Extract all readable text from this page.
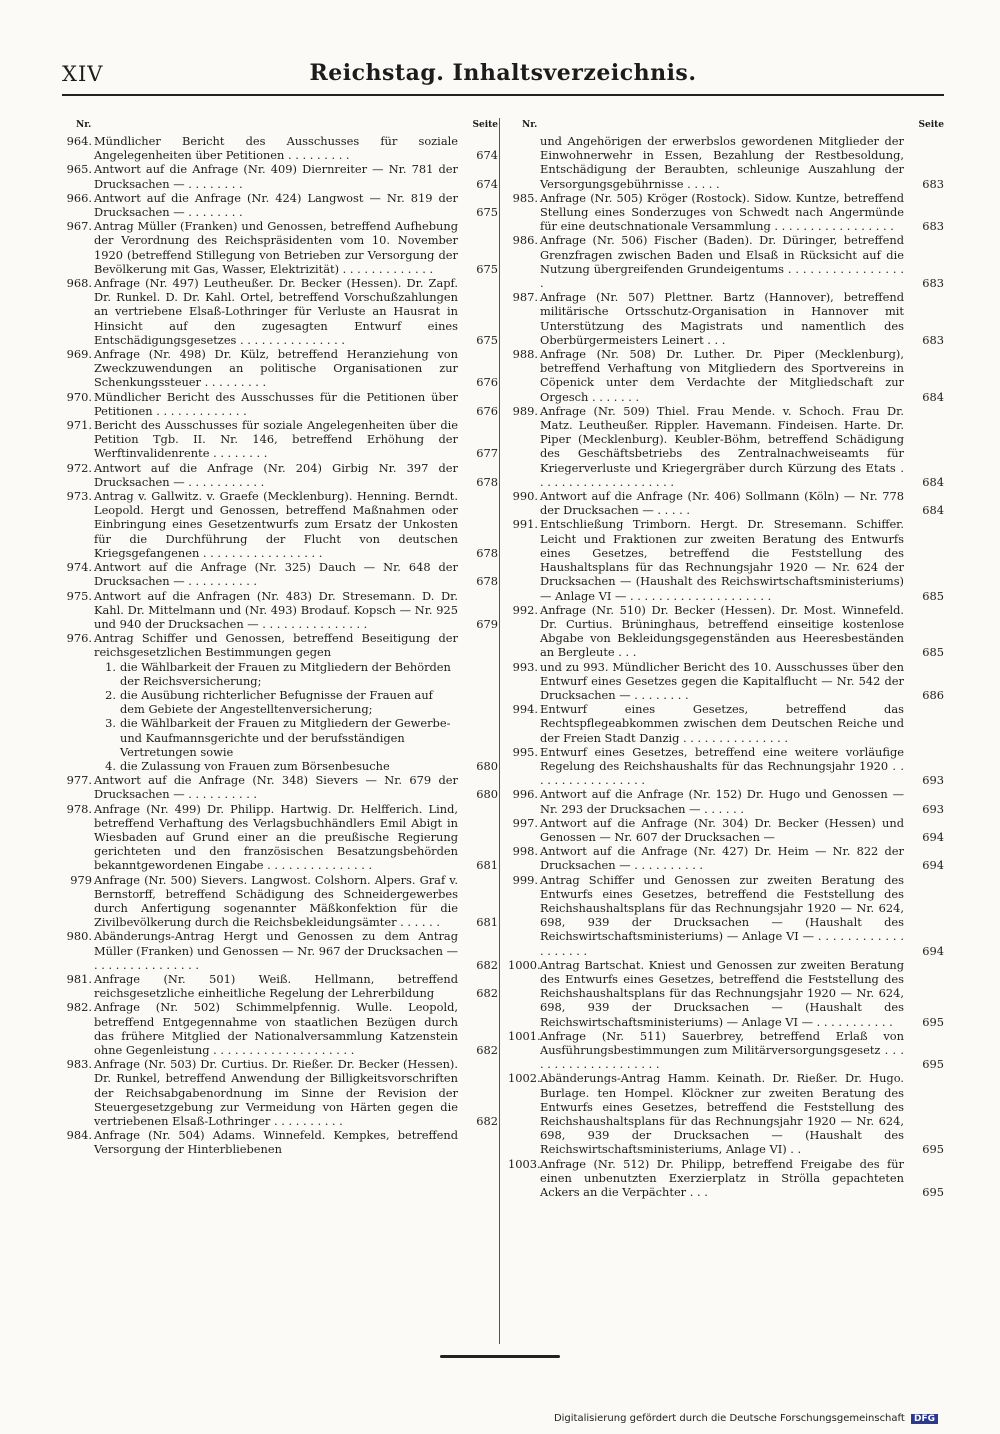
XIV	Reichstag. Inhaltsverzeichnis.
Nr.	Seite
964. Mündlicher Bericht des Ausschusses für soziale Angelegenheiten über Petitionen . . . . . . . . .	674
965. Antwort auf die Anfrage (Nr. 409) Diernreiter — Nr. 781 der Drucksachen — . . . . . . . .	674
966. Antwort auf die Anfrage (Nr. 424) Langwost — Nr. 819 der Drucksachen — . . . . . . . .	675
967. Antrag Müller (Franken) und Genossen, betreffend Aufhebung der Verordnung des Reichspräsidenten vom 10. November 1920 (betreffend Stillegung von Betrieben zur Versorgung der Bevölkerung mit Gas, Wasser, Elektrizität) . . . . . . . . . . . . .	675
968. Anfrage (Nr. 497) Leutheußer. Dr. Becker (Hessen). Dr. Zapf. Dr. Runkel. D. Dr. Kahl. Ortel, betreffend Vorschußzahlungen an vertriebene Elsaß-Lothringer für Verluste an Hausrat in Hinsicht auf den zugesagten Entwurf eines Entschädigungsgesetzes . . . . . . . . . . . . . . .	675
969. Anfrage (Nr. 498) Dr. Külz, betreffend Heranziehung von Zweckzuwendungen an politische Organisationen zur Schenkungssteuer . . . . . . . . .	676
970. Mündlicher Bericht des Ausschusses für die Petitionen über Petitionen . . . . . . . . . . . . .	676
971. Bericht des Ausschusses für soziale Angelegenheiten über die Petition Tgb. II. Nr. 146, betreffend Erhöhung der Werftinvalidenrente . . . . . . . .	677
972. Antwort auf die Anfrage (Nr. 204) Girbig Nr. 397 der Drucksachen — . . . . . . . . . . .	678
973. Antrag v. Gallwitz. v. Graefe (Mecklenburg). Henning. Berndt. Leopold. Hergt und Genossen, betreffend Maßnahmen oder Einbringung eines Gesetzentwurfs zum Ersatz der Unkosten für die Durchführung der Flucht von deutschen Kriegsgefangenen . . . . . . . . . . . . . . . . .	678
974. Antwort auf die Anfrage (Nr. 325) Dauch — Nr. 648 der Drucksachen — . . . . . . . . . .	678
975. Antwort auf die Anfragen (Nr. 483) Dr. Stresemann. D. Dr. Kahl. Dr. Mittelmann und (Nr. 493) Brodauf. Kopsch — Nr. 925 und 940 der Drucksachen — . . . . . . . . . . . . . . .	679
976. Antrag Schiffer und Genossen, betreffend Beseitigung der reichsgesetzlichen Bestimmungen gegen
1. die Wählbarkeit der Frauen zu Mitgliedern der Behörden der Reichsversicherung;
2. die Ausübung richterlicher Befugnisse der Frauen auf dem Gebiete der Angestelltenversicherung;
3. die Wählbarkeit der Frauen zu Mitgliedern der Gewerbe- und Kaufmannsgerichte und der berufsständigen Vertretungen sowie
4. die Zulassung von Frauen zum Börsenbesuche	680
977. Antwort auf die Anfrage (Nr. 348) Sievers — Nr. 679 der Drucksachen — . . . . . . . . . .	680
978. Anfrage (Nr. 499) Dr. Philipp. Hartwig. Dr. Helfferich. Lind, betreffend Verhaftung des Verlagsbuchhändlers Emil Abigt in Wiesbaden auf Grund einer an die preußische Regierung gerichteten und den französischen Besatzungsbehörden bekanntgewordenen Eingabe . . . . . . . . . . . . . . .	681
979 Anfrage (Nr. 500) Sievers. Langwost. Colshorn. Alpers. Graf v. Bernstorff, betreffend Schädigung des Schneidergewerbes durch Anfertigung sogenannter Mäßkonfektion für die Zivilbevölkerung durch die Reichsbekleidungsämter . . . . . .	681
980. Abänderungs-Antrag Hergt und Genossen zu dem Antrag Müller (Franken) und Genossen — Nr. 967 der Drucksachen — . . . . . . . . . . . . . . .	682
981. Anfrage (Nr. 501) Weiß. Hellmann, betreffend reichsgesetzliche einheitliche Regelung der Lehrerbildung	682
982. Anfrage (Nr. 502) Schimmelpfennig. Wulle. Leopold, betreffend Entgegennahme von staatlichen Bezügen durch das frühere Mitglied der Nationalversammlung Katzenstein ohne Gegenleistung . . . . . . . . . . . . . . . . . . . .	682
983. Anfrage (Nr. 503) Dr. Curtius. Dr. Rießer. Dr. Becker (Hessen). Dr. Runkel, betreffend Anwendung der Billigkeitsvorschriften der Reichsabgabenordnung im Sinne der Revision der Steuergesetzgebung zur Vermeidung von Härten gegen die vertriebenen Elsaß-Lothringer . . . . . . . . . .	682
984. Anfrage (Nr. 504) Adams. Winnefeld. Kempkes, betreffend Versorgung der Hinterbliebenen
Nr.	Seite
und Angehörigen der erwerbslos gewordenen Mitglieder der Einwohnerwehr in Essen, Bezahlung der Restbesoldung, Entschädigung der Beraubten, schleunige Auszahlung der Versorgungsgebührnisse . . . . .	683
985. Anfrage (Nr. 505) Kröger (Rostock). Sidow. Kuntze, betreffend Stellung eines Sonderzuges von Schwedt nach Angermünde für eine deutschnationale Versammlung . . . . . . . . . . . . . . . . .	683
986. Anfrage (Nr. 506) Fischer (Baden). Dr. Düringer, betreffend Grenzfragen zwischen Baden und Elsaß in Rücksicht auf die Nutzung übergreifenden Grundeigentums . . . . . . . . . . . . . . . . .	683
987. Anfrage (Nr. 507) Plettner. Bartz (Hannover), betreffend militärische Ortsschutz-Organisation in Hannover mit Unterstützung des Magistrats und namentlich des Oberbürgermeisters Leinert . . .	683
988. Anfrage (Nr. 508) Dr. Luther. Dr. Piper (Mecklenburg), betreffend Verhaftung von Mitgliedern des Sportvereins in Cöpenick unter dem Verdachte der Mitgliedschaft zur Orgesch . . . . . . .	684
989. Anfrage (Nr. 509) Thiel. Frau Mende. v. Schoch. Frau Dr. Matz. Leutheußer. Rippler. Havemann. Findeisen. Harte. Dr. Piper (Mecklenburg). Keubler-Böhm, betreffend Schädigung des Geschäftsbetriebs des Zentralnachweiseamts für Kriegerverluste und Kriegergräber durch Kürzung des Etats . . . . . . . . . . . . . . . . . . . .	684
990. Antwort auf die Anfrage (Nr. 406) Sollmann (Köln) — Nr. 778 der Drucksachen — . . . . .	684
991. Entschließung Trimborn. Hergt. Dr. Stresemann. Schiffer. Leicht und Fraktionen zur zweiten Beratung des Entwurfs eines Gesetzes, betreffend die Feststellung des Haushaltsplans für das Rechnungsjahr 1920 — Nr. 624 der Drucksachen — (Haushalt des Reichswirtschaftsministeriums) — Anlage VI — . . . . . . . . . . . . . . . . . . . .	685
992. Anfrage (Nr. 510) Dr. Becker (Hessen). Dr. Most. Winnefeld. Dr. Curtius. Brüninghaus, betreffend einseitige kostenlose Abgabe von Bekleidungsgegenständen aus Heeresbeständen an Bergleute . . .	685
993. und zu 993. Mündlicher Bericht des 10. Ausschusses über den Entwurf eines Gesetzes gegen die Kapitalflucht — Nr. 542 der Drucksachen — . . . . . . . .	686
994. Entwurf eines Gesetzes, betreffend das Rechtspflegeabkommen zwischen dem Deutschen Reiche und der Freien Stadt Danzig . . . . . . . . . . . . . . .
995. Entwurf eines Gesetzes, betreffend eine weitere vorläufige Regelung des Reichshaushalts für das Rechnungsjahr 1920 . . . . . . . . . . . . . . . . .	693
996. Antwort auf die Anfrage (Nr. 152) Dr. Hugo und Genossen — Nr. 293 der Drucksachen — . . . . . .	693
997. Antwort auf die Anfrage (Nr. 304) Dr. Becker (Hessen) und Genossen — Nr. 607 der Drucksachen —	694
998. Antwort auf die Anfrage (Nr. 427) Dr. Heim — Nr. 822 der Drucksachen — . . . . . . . . . .	694
999. Antrag Schiffer und Genossen zur zweiten Beratung des Entwurfs eines Gesetzes, betreffend die Feststellung des Reichshaushaltsplans für das Rechnungsjahr 1920 — Nr. 624, 698, 939 der Drucksachen — (Haushalt des Reichswirtschaftsministeriums) — Anlage VI — . . . . . . . . . . . . . . . . . . .	694
1000. Antrag Bartschat. Kniest und Genossen zur zweiten Beratung des Entwurfs eines Gesetzes, betreffend die Feststellung des Reichshaushaltsplans für das Rechnungsjahr 1920 — Nr. 624, 698, 939 der Drucksachen — (Haushalt des Reichswirtschaftsministeriums) — Anlage VI — . . . . . . . . . . .	695
1001. Anfrage (Nr. 511) Sauerbrey, betreffend Erlaß von Ausführungsbestimmungen zum Militärversorgungsgesetz . . . . . . . . . . . . . . . . . . . .	695
1002. Abänderungs-Antrag Hamm. Keinath. Dr. Rießer. Dr. Hugo. Burlage. ten Hompel. Klöckner zur zweiten Beratung des Entwurfs eines Gesetzes, betreffend die Feststellung des Reichshaushaltsplans für das Rechnungsjahr 1920 — Nr. 624, 698, 939 der Drucksachen — (Haushalt des Reichswirtschaftsministeriums, Anlage VI) . .	695
1003. Anfrage (Nr. 512) Dr. Philipp, betreffend Freigabe des für einen unbenutzten Exerzierplatz in Strölla gepachteten Ackers an die Verpächter . . .	695
Digitalisierung gefördert durch die Deutsche Forschungsgemeinschaft DFG
